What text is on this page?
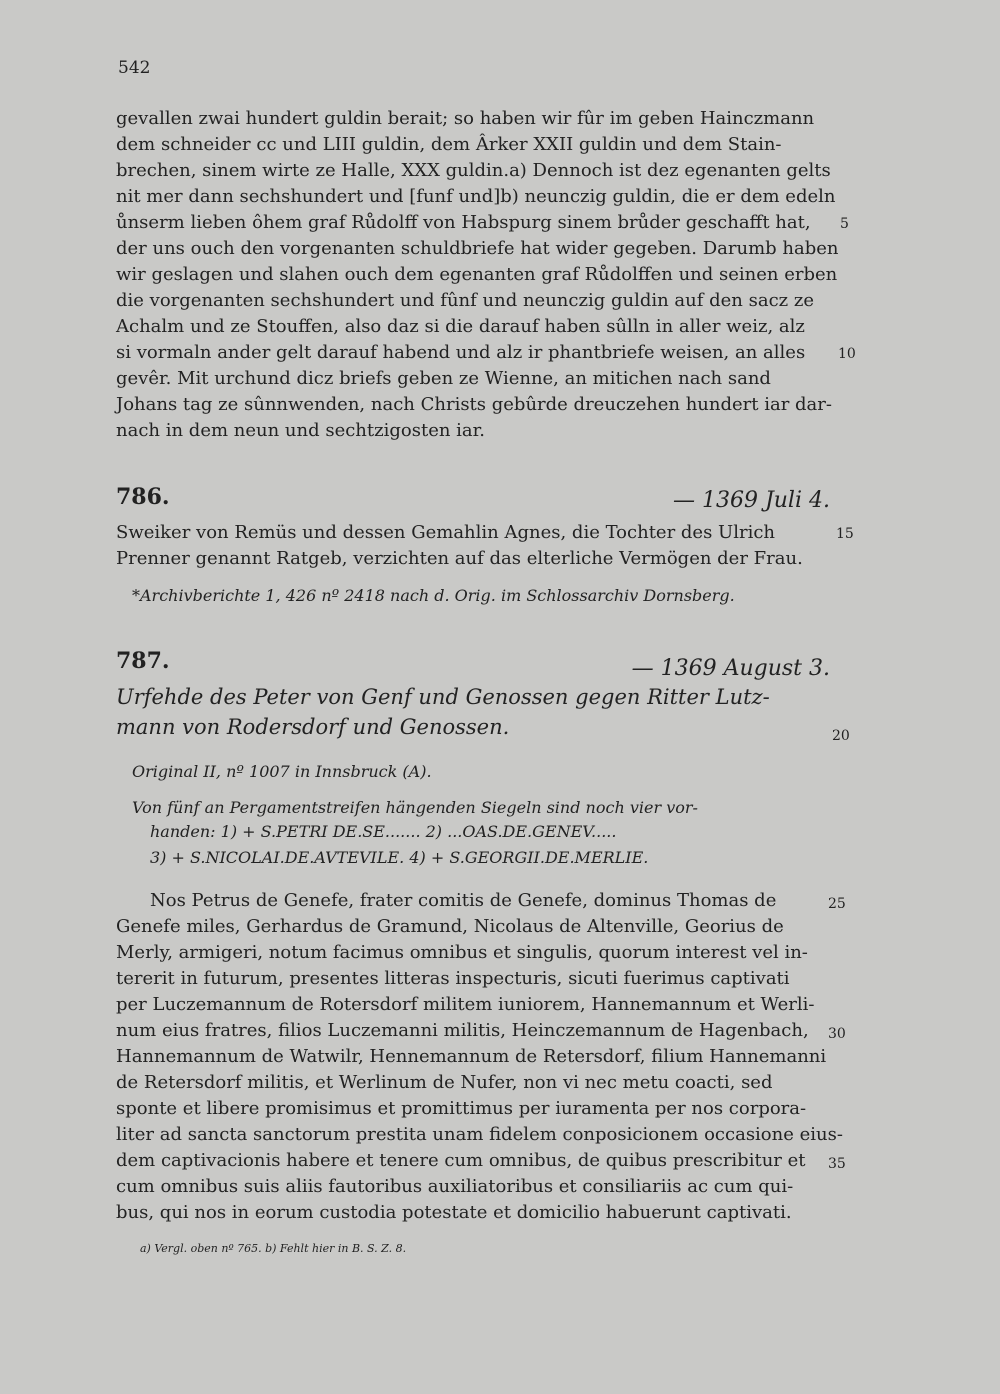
542
gevallen zwai hundert guldin berait; so haben wir fûr im geben Hainczmann
dem schneider cc und LIII guldin, dem Ârker XXII guldin und dem Stain-
brechen, sinem wirte ze Halle, XXX guldin.a) Dennoch ist dez egenanten gelts
nit mer dann sechshundert und [funf und]b) neunczig guldin, die er dem edeln
ůnserm lieben ôhem graf Růdolff von Habspurg sinem brůder geschafft hat,
der uns ouch den vorgenanten schuldbriefe hat wider gegeben. Darumb haben
wir geslagen und slahen ouch dem egenanten graf Růdolffen und seinen erben
die vorgenanten sechshundert und fûnf und neunczig guldin auf den sacz ze
Achalm und ze Stouffen, also daz si die darauf haben sûlln in aller weiz, alz
si vormaln ander gelt darauf habend und alz ir phantbriefe weisen, an alles
gevêr. Mit urchund dicz briefs geben ze Wienne, an mitichen nach sand
Johans tag ze sûnnwenden, nach Christs gebûrde dreuczehen hundert iar dar-
nach in dem neun und sechtzigosten iar.
5
10
786.	— 1369 Juli 4.
Sweiker von Remüs und dessen Gemahlin Agnes, die Tochter des Ulrich
Prenner genannt Ratgeb, verzichten auf das elterliche Vermögen der Frau.
15
*Archivberichte 1, 426 nº 2418 nach d. Orig. im Schlossarchiv Dornsberg.
787.	— 1369 August 3.
Urfehde des Peter von Genf und Genossen gegen Ritter Lutz-
mann von Rodersdorf und Genossen.	20
Original II, nº 1007 in Innsbruck (A).
Von fünf an Pergamentstreifen hängenden Siegeln sind noch vier vor-
handen: 1) + S.PETRI DE.SE....... 2) ...OAS.DE.GENEV.....
3) + S.NICOLAI.DE.AVTEVILE. 4) + S.GEORGII.DE.MERLIE.
Nos Petrus de Genefe, frater comitis de Genefe, dominus Thomas de
Genefe miles, Gerhardus de Gramund, Nicolaus de Altenville, Georius de
Merly, armigeri, notum facimus omnibus et singulis, quorum interest vel in-
tererit in futurum, presentes litteras inspecturis, sicuti fuerimus captivati
per Luczemannum de Rotersdorf militem iuniorem, Hannemannum et Werli-
num eius fratres, filios Luczemanni militis, Heinczemannum de Hagenbach,
Hannemannum de Watwilr, Hennemannum de Retersdorf, filium Hannemanni
de Retersdorf militis, et Werlinum de Nufer, non vi nec metu coacti, sed
sponte et libere promisimus et promittimus per iuramenta per nos corpora-
liter ad sancta sanctorum prestita unam fidelem conposicionem occasione eius-
dem captivacionis habere et tenere cum omnibus, de quibus prescribitur et
cum omnibus suis aliis fautoribus auxiliatoribus et consiliariis ac cum qui-
bus, qui nos in eorum custodia potestate et domicilio habuerunt captivati.
25
30
35
a) Vergl. oben nº 765. b) Fehlt hier in B. S. Z. 8.
